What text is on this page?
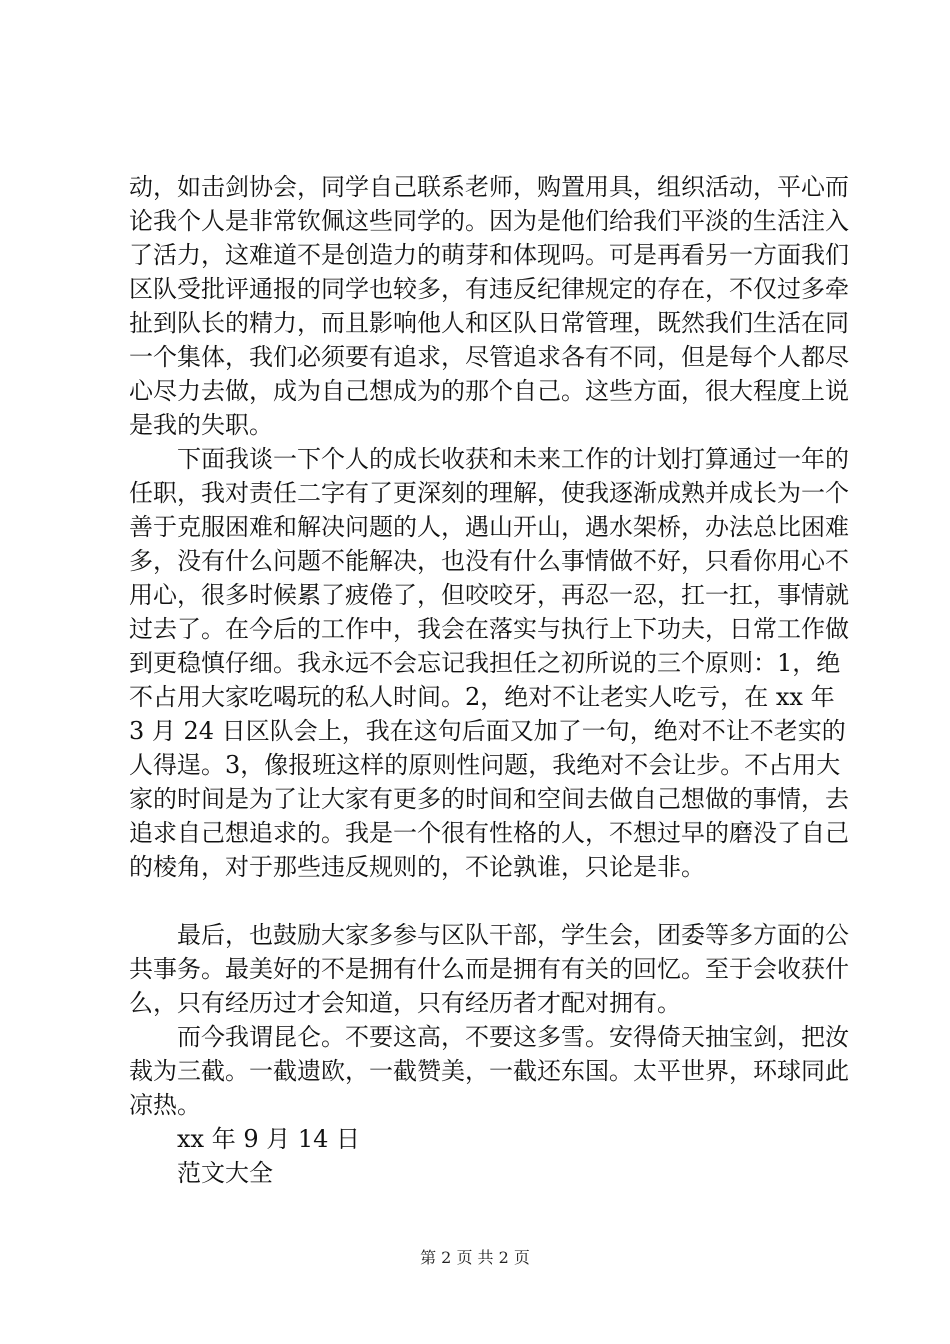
动，如击剑协会，同学自己联系老师，购置用具，组织活动，平心而论我个人是非常钦佩这些同学的。因为是他们给我们平淡的生活注入了活力，这难道不是创造力的萌芽和体现吗。可是再看另一方面我们区队受批评通报的同学也较多，有违反纪律规定的存在，不仅过多牵扯到队长的精力，而且影响他人和区队日常管理，既然我们生活在同一个集体，我们必须要有追求，尽管追求各有不同，但是每个人都尽心尽力去做，成为自己想成为的那个自己。这些方面，很大程度上说是我的失职。

下面我谈一下个人的成长收获和未来工作的计划打算通过一年的任职，我对责任二字有了更深刻的理解，使我逐渐成熟并成长为一个善于克服困难和解决问题的人，遇山开山，遇水架桥，办法总比困难多，没有什么问题不能解决，也没有什么事情做不好，只看你用心不用心，很多时候累了疲倦了，但咬咬牙，再忍一忍，扛一扛，事情就过去了。在今后的工作中，我会在落实与执行上下功夫，日常工作做到更稳慎仔细。我永远不会忘记我担任之初所说的三个原则：1，绝不占用大家吃喝玩的私人时间。2，绝对不让老实人吃亏，在 xx 年 3 月 24 日区队会上，我在这句后面又加了一句，绝对不让不老实的人得逞。3，像报班这样的原则性问题，我绝对不会让步。不占用大家的时间是为了让大家有更多的时间和空间去做自己想做的事情，去追求自己想追求的。我是一个很有性格的人，不想过早的磨没了自己的棱角，对于那些违反规则的，不论孰谁，只论是非。

最后，也鼓励大家多参与区队干部，学生会，团委等多方面的公共事务。最美好的不是拥有什么而是拥有有关的回忆。至于会收获什么，只有经历过才会知道，只有经历者才配对拥有。

而今我谓昆仑。不要这高，不要这多雪。安得倚天抽宝剑，把汝裁为三截。一截遗欧，一截赞美，一截还东国。太平世界，环球同此凉热。

xx 年 9 月 14 日

范文大全

第 2 页 共 2 页
